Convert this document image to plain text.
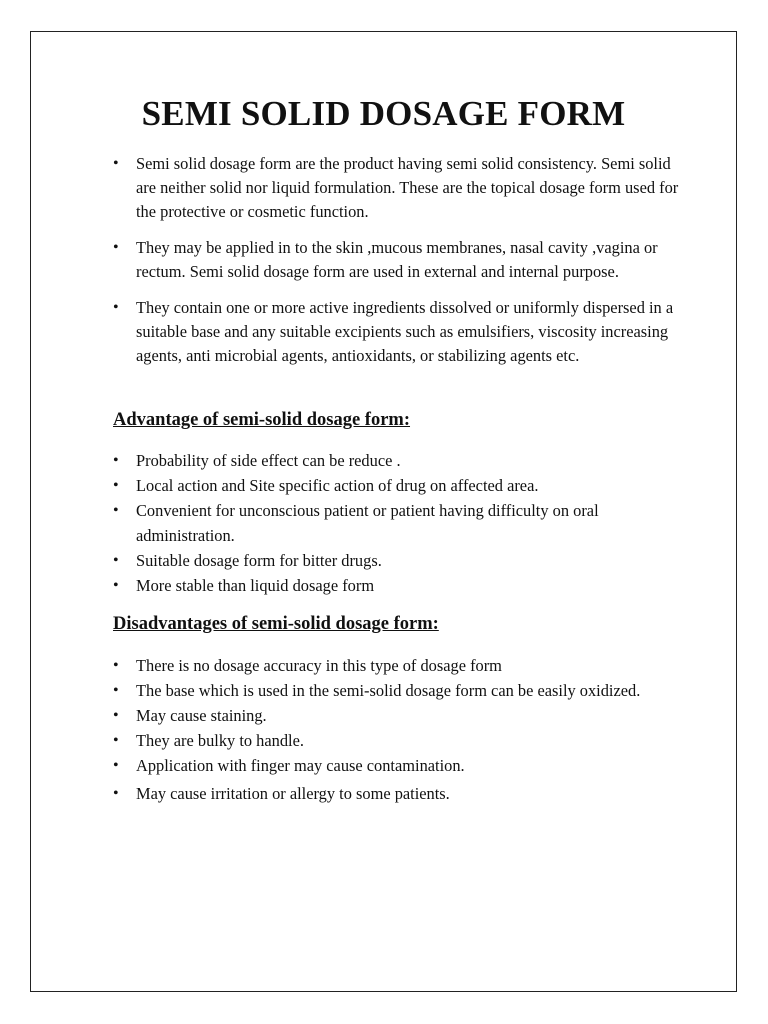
SEMI SOLID DOSAGE FORM
• Semi solid dosage form are the product having semi solid consistency. Semi solid are neither solid nor liquid formulation. These are the topical dosage form used for the protective or cosmetic function.
• They may be applied in to the skin ,mucous membranes, nasal cavity ,vagina or rectum. Semi solid dosage form are used in external and internal purpose.
• They contain one or more active ingredients dissolved or uniformly dispersed in a suitable base and any suitable excipients such as emulsifiers, viscosity increasing agents, anti microbial agents, antioxidants, or stabilizing agents etc.
Advantage of semi-solid dosage form:
• Probability of side effect can be reduce .
• Local action and Site specific action of drug on affected area.
• Convenient for unconscious patient or patient having difficulty on oral administration.
• Suitable dosage form for bitter drugs.
• More stable than liquid dosage form
Disadvantages of semi-solid dosage form:
• There is no dosage accuracy in this type of dosage form
• The base which is used in the semi-solid dosage form can be easily oxidized.
• May cause staining.
• They are bulky to handle.
• Application with finger may cause contamination.
• May cause irritation or allergy to some patients.
